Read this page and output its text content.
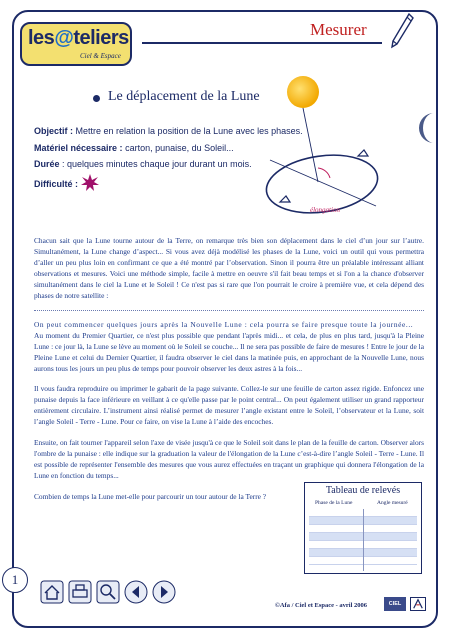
les@teliers
Ciel & Espace
Mesurer
Le déplacement de la Lune
Objectif : Mettre en relation la position de la Lune avec les phases.
Matériel nécessaire : carton, punaise, du Soleil...
Durée : quelques minutes chaque jour durant un mois.
Difficulté :
élongation

Chacun sait que la Lune tourne autour de la Terre, on remarque très bien son déplacement dans le ciel d’un jour sur l’autre. Simultanément, la Lune change d’aspect... Si vous avez déjà modélisé les phases de la Lune, voici un outil qui vous permettra d’aller un peu plus loin en confirmant ce que a été montré par l’observation. Sinon il pourra être un préalable intéressant alliant observations et mesures. Voici une méthode simple, facile à mettre en oeuvre s'il fait beau temps et si l'on a la chance d'observer simultanément dans le ciel la Lune et le Soleil ! Ce n'est pas si rare que l'on pourrait le croire à première vue, et cela dépend des phases de notre satellite :

On peut commencer quelques jours après la Nouvelle Lune : cela pourra se faire presque toute la journée...

Au moment du Premier Quartier, ce n'est plus possible que pendant l'après midi... et cela, de plus en plus tard, jusqu'à la Pleine Lune : ce jour là, la Lune se lève au moment où le Soleil se couche... Il ne sera pas possible de faire de mesures ! Entre le jour de la Pleine Lune et celui du Dernier Quartier, il faudra observer le ciel dans la matinée puis, en approchant de la Nouvelle Lune, nous aurons tous les jours un peu plus de temps pour pouvoir observer les deux astres à la fois...

Il vous faudra reproduire ou imprimer le gabarit de la page suivante. Collez-le sur une feuille de carton assez rigide. Enfoncez une punaise depuis la face inférieure en veillant à ce qu'elle passe par le point central... On peut également utiliser un grand rapporteur entièrement circulaire. L’instrument ainsi réalisé permet de mesurer l’angle existant entre le Soleil, l’observateur et la Lune, soit l’angle Soleil - Terre - Lune. Pour ce faire, on vise la Lune à l’aide des encoches.

Ensuite, on fait tourner l'appareil selon l'axe de visée jusqu'à ce que le Soleil soit dans le plan de la feuille de carton. Observer alors l'ombre de la punaise : elle indique sur la graduation la valeur de l'élongation de la Lune c’est-à-dire l’angle Soleil - Terre - Lune. Il est possible de représenter l'ensemble des mesures que vous aurez effectuées en traçant un graphique qui donnera l'élongation de la Lune en fonction du temps...

Combien de temps la Lune met-elle pour parcourir un tour autour de la Terre ?

Tableau de relevés
Phase de la Lune	Angle mesuré
1
©Afa / Ciel et Espace - avril 2006	CIEL
